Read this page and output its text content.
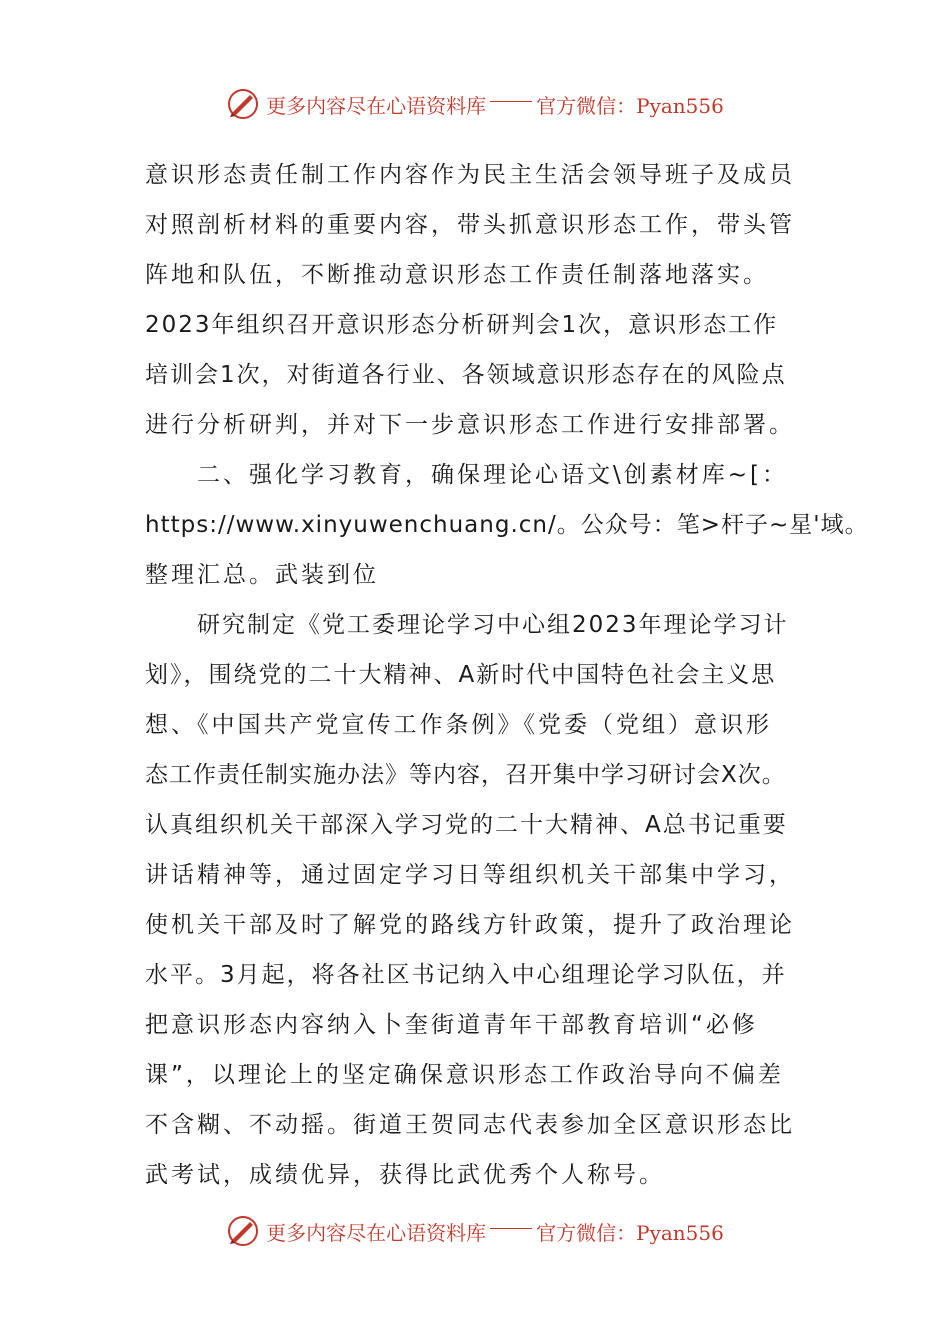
更多内容尽在心语资料库	官方微信：Pyan556
意识形态责任制工作内容作为民主生活会领导班子及成员
对照剖析材料的重要内容，带头抓意识形态工作，带头管
阵地和队伍，不断推动意识形态工作责任制落地落实。
2023年组织召开意识形态分析研判会1次，意识形态工作
培训会1次，对街道各行业、各领域意识形态存在的风险点
进行分析研判，并对下一步意识形态工作进行安排部署。
二、强化学习教育，确保理论心语文\创素材库~[：
https://www.xinyuwenchuang.cn/。公众号：笔>杆子~星'域。
整理汇总。武装到位
研究制定《党工委理论学习中心组2023年理论学习计
划》，围绕党的二十大精神、A新时代中国特色社会主义思
想、《中国共产党宣传工作条例》《党委（党组）意识形
态工作责任制实施办法》等内容，召开集中学习研讨会X次。
认真组织机关干部深入学习党的二十大精神、A总书记重要
讲话精神等，通过固定学习日等组织机关干部集中学习，
使机关干部及时了解党的路线方针政策，提升了政治理论
水平。3月起，将各社区书记纳入中心组理论学习队伍，并
把意识形态内容纳入卜奎街道青年干部教育培训“必修
课”，以理论上的坚定确保意识形态工作政治导向不偏差
不含糊、不动摇。街道王贺同志代表参加全区意识形态比
武考试，成绩优异，获得比武优秀个人称号。
更多内容尽在心语资料库	官方微信：Pyan556
